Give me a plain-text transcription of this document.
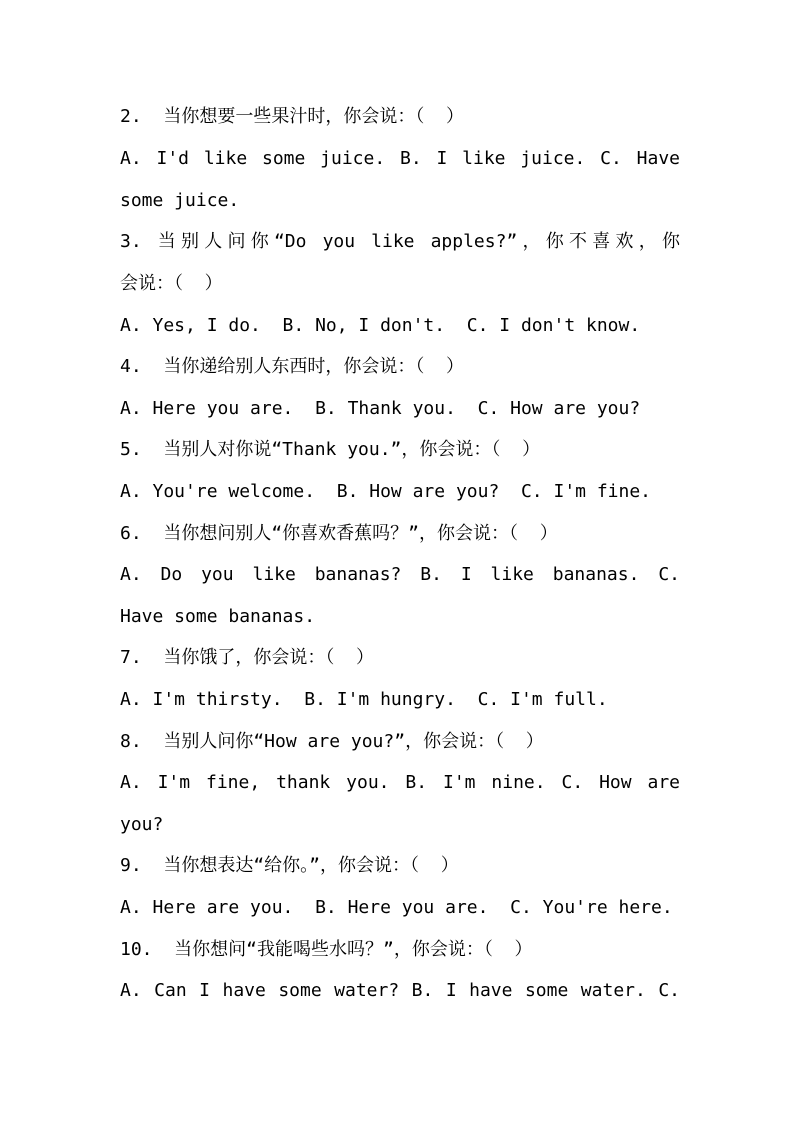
2.  当你想要一些果汁时，你会说：（  ）
A. I'd like some juice. B. I like juice. C. Have
some juice.
3. 当别人问你“Do you like apples?”，你不喜欢，你
会说：（  ）
A. Yes, I do.  B. No, I don't.  C. I don't know.
4.  当你递给别人东西时，你会说：（  ）
A. Here you are.  B. Thank you.  C. How are you?
5.  当别人对你说“Thank you.”，你会说：（  ）
A. You're welcome.  B. How are you?  C. I'm fine.
6.  当你想问别人“你喜欢香蕉吗？”，你会说：（  ）
A. Do you like bananas? B. I like bananas. C.
Have some bananas.
7.  当你饿了，你会说：（  ）
A. I'm thirsty.  B. I'm hungry.  C. I'm full.
8.  当别人问你“How are you?”，你会说：（  ）
A. I'm fine, thank you. B. I'm nine. C. How are
you?
9.  当你想表达“给你。”，你会说：（  ）
A. Here are you.  B. Here you are.  C. You're here.
10.  当你想问“我能喝些水吗？”，你会说：（  ）
A. Can I have some water? B. I have some water. C.
